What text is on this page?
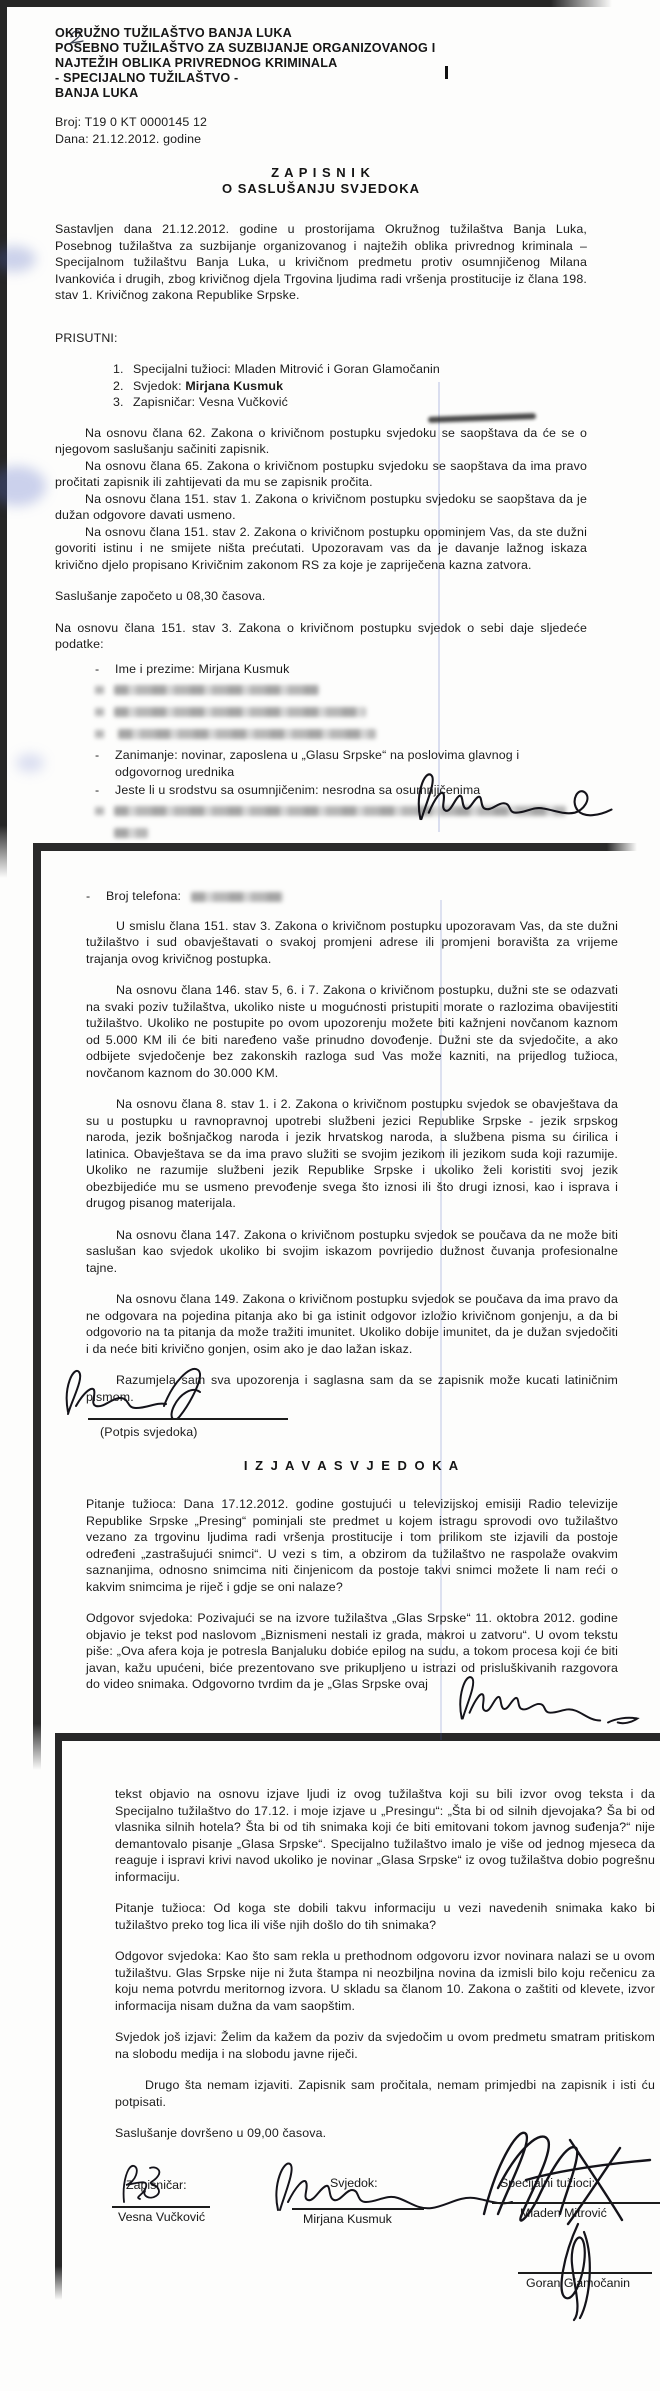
OKRUŽNO TUŽILAŠTVO BANJA LUKA
POSEBNO TUŽILAŠTVO ZA SUZBIJANJE ORGANIZOVANOG I
NAJTEŽIH OBLIKA PRIVREDNOG KRIMINALA
- SPECIJALNO TUŽILAŠTVO -
BANJA LUKA
Broj: T19 0 KT 0000145 12
Dana: 21.12.2012. godine
Z A P I S N I K
O SASLUŠANJU SVJEDOKA
Sastavljen dana 21.12.2012. godine u prostorijama Okružnog tužilaštva Banja Luka, Posebnog tužilaštva za suzbijanje organizovanog i najtežih oblika privrednog kriminala – Specijalnom tužilaštvu Banja Luka, u krivičnom predmetu protiv osumnjičenog Milana Ivankovića i drugih, zbog krivičnog djela Trgovina ljudima radi vršenja prostitucije iz člana 198. stav 1. Krivičnog zakona Republike Srpske.
PRISUTNI:
1. Specijalni tužioci: Mladen Mitrović i Goran Glamočanin
2. Svjedok: Mirjana Kusmuk
3. Zapisničar: Vesna Vučković
Na osnovu člana 62. Zakona o krivičnom postupku svjedoku se saopštava da će se o njegovom saslušanju sačiniti zapisnik.
Na osnovu člana 65. Zakona o krivičnom postupku svjedoku se saopštava da ima pravo pročitati zapisnik ili zahtijevati da mu se zapisnik pročita.
Na osnovu člana 151. stav 1. Zakona o krivičnom postupku svjedoku se saopštava da je dužan odgovore davati usmeno.
Na osnovu člana 151. stav 2. Zakona o krivičnom postupku opominjem Vas, da ste dužni govoriti istinu i ne smijete ništa prećutati. Upozoravam vas da je davanje lažnog iskaza krivično djelo propisano Krivičnim zakonom RS za koje je zapriječena kazna zatvora.
Saslušanje započeto u 08,30 časova.
Na osnovu člana 151. stav 3. Zakona o krivičnom postupku svjedok o sebi daje sljedeće podatke:
-	Ime i prezime: Mirjana Kusmuk
-	Zanimanje: novinar, zaposlena u „Glasu Srpske“ na poslovima glavnog i odgovornog urednika
-	Jeste li u srodstvu sa osumnjičenim: nesrodna sa osumnjičenima
-	Broj telefona:
U smislu člana 151. stav 3. Zakona o krivičnom postupku upozoravam Vas, da ste dužni tužilaštvo i sud obavještavati o svakoj promjeni adrese ili promjeni boravišta za vrijeme trajanja ovog krivičnog postupka.
Na osnovu člana 146. stav 5, 6. i 7. Zakona o krivičnom postupku, dužni ste se odazvati na svaki poziv tužilaštva, ukoliko niste u mogućnosti pristupiti morate o razlozima obavijestiti tužilaštvo. Ukoliko ne postupite po ovom upozorenju možete biti kažnjeni novčanom kaznom od 5.000 KM ili će biti naređeno vaše prinudno dovođenje. Dužni ste da svjedočite, a ako odbijete svjedočenje bez zakonskih razloga sud Vas može kazniti, na prijedlog tužioca, novčanom kaznom do 30.000 KM.
Na osnovu člana 8. stav 1. i 2. Zakona o krivičnom postupku svjedok se obavještava da su u postupku u ravnopravnoj upotrebi službeni jezici Republike Srpske - jezik srpskog naroda, jezik bošnjačkog naroda i jezik hrvatskog naroda, a službena pisma su ćirilica i latinica. Obavještava se da ima pravo služiti se svojim jezikom ili jezikom suda koji razumije. Ukoliko ne razumije službeni jezik Republike Srpske i ukoliko želi koristiti svoj jezik obezbijediće mu se usmeno prevođenje svega što iznosi ili što drugi iznosi, kao i isprava i drugog pisanog materijala.
Na osnovu člana 147. Zakona o krivičnom postupku svjedok se poučava da ne može biti saslušan kao svjedok ukoliko bi svojim iskazom povrijedio dužnost čuvanja profesionalne tajne.
Na osnovu člana 149. Zakona o krivičnom postupku svjedok se poučava da ima pravo da ne odgovara na pojedina pitanja ako bi ga istinit odgovor izložio krivičnom gonjenju, a da bi odgovorio na ta pitanja da može tražiti imunitet. Ukoliko dobije imunitet, da je dužan svjedočiti i da neće biti krivično gonjen, osim ako je dao lažan iskaz.
Razumjela sam sva upozorenja i saglasna sam da se zapisnik može kucati latiničnim pismom.
(Potpis svjedoka)
I Z J A V A S V J E D O K A
Pitanje tužioca: Dana 17.12.2012. godine gostujući u televizijskoj emisiji Radio televizije Republike Srpske „Presing“ pominjali ste predmet u kojem istragu sprovodi ovo tužilaštvo vezano za trgovinu ljudima radi vršenja prostitucije i tom prilikom ste izjavili da postoje određeni „zastrašujući snimci“. U vezi s tim, a obzirom da tužilaštvo ne raspolaže ovakvim saznanjima, odnosno snimcima niti činjenicom da postoje takvi snimci možete li nam reći o kakvim snimcima je riječ i gdje se oni nalaze?
Odgovor svjedoka: Pozivajući se na izvore tužilaštva „Glas Srpske“ 11. oktobra 2012. godine objavio je tekst pod naslovom „Biznismeni nestali iz grada, makroi u zatvoru“. U ovom tekstu piše: „Ova afera koja je potresla Banjaluku dobiće epilog na sudu, a tokom procesa koji će biti javan, kažu upućeni, biće prezentovano sve prikupljeno u istrazi od prisluškivanih razgovora do video snimaka. Odgovorno tvrdim da je „Glas Srpske ovaj
tekst objavio na osnovu izjave ljudi iz ovog tužilaštva koji su bili izvor ovog teksta i da Specijalno tužilaštvo do 17.12. i moje izjave u „Presingu“: „Šta bi od silnih djevojaka? Ša bi od vlasnika silnih hotela? Šta bi od tih snimaka koji će biti emitovani tokom javnog suđenja?“ nije demantovalo pisanje „Glasa Srpske“. Specijalno tužilaštvo imalo je više od jednog mjeseca da reaguje i ispravi krivi navod ukoliko je novinar „Glasa Srpske“ iz ovog tužilaštva dobio pogrešnu informaciju.
Pitanje tužioca: Od koga ste dobili takvu informaciju u vezi navedenih snimaka kako bi tužilaštvo preko tog lica ili više njih došlo do tih snimaka?
Odgovor svjedoka: Kao što sam rekla u prethodnom odgovoru izvor novinara nalazi se u ovom tužilaštvu. Glas Srpske nije ni žuta štampa ni neozbiljna novina da izmisli bilo koju rečenicu za koju nema potvrdu meritornog izvora. U skladu sa članom 10. Zakona o zaštiti od klevete, izvor informacija nisam dužna da vam saopštim.
Svjedok još izjavi: Želim da kažem da poziv da svjedočim u ovom predmetu smatram pritiskom na slobodu medija i na slobodu javne riječi.
Drugo šta nemam izjaviti. Zapisnik sam pročitala, nemam primjedbi na zapisnik i isti ću potpisati.
Saslušanje dovršeno u 09,00 časova.
Zapisničar:	Svjedok:	Specijalni tužioci:
Vesna Vučković	Mirjana Kusmuk	Mladen Mitrović
Goran Glamočanin
